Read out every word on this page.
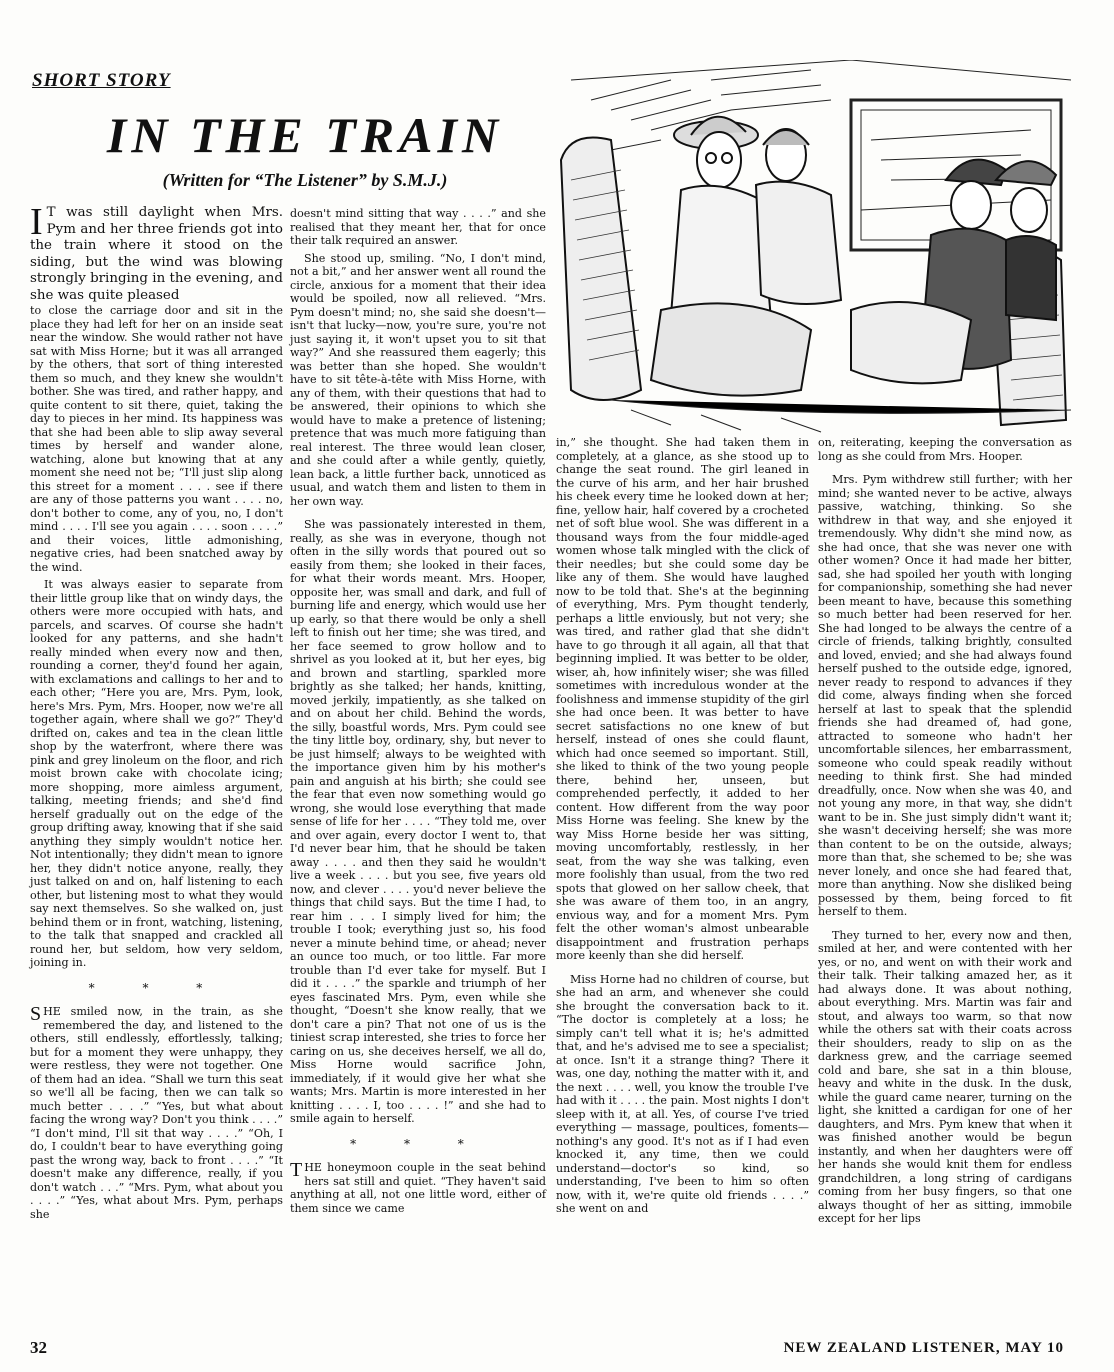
SHORT STORY
IN THE TRAIN
(Written for “The Listener” by S.M.J.)

I T was still daylight when Mrs. Pym and her three friends got into the train where it stood on the siding, but the wind was blowing strongly bringing in the evening, and she was quite pleased

to close the carriage door and sit in the place they had left for her on an inside seat near the window. She would rather not have sat with Miss Horne; but it was all arranged by the others, that sort of thing interested them so much, and they knew she wouldn't bother. She was tired, and rather happy, and quite content to sit there, quiet, taking the day to pieces in her mind. Its happiness was that she had been able to slip away several times by herself and wander alone, watching, alone but knowing that at any moment she need not be; “I'll just slip along this street for a moment . . . . see if there are any of those patterns you want . . . . no, don't bother to come, any of you, no, I don't mind . . . . I'll see you again . . . . soon . . . .” and their voices, little admonishing, negative cries, had been snatched away by the wind.

It was always easier to separate from their little group like that on windy days, the others were more occupied with hats, and parcels, and scarves. Of course she hadn't looked for any patterns, and she hadn't really minded when every now and then, rounding a corner, they'd found her again, with exclamations and callings to her and to each other; “Here you are, Mrs. Pym, look, here's Mrs. Pym, Mrs. Hooper, now we're all together again, where shall we go?” They'd drifted on, cakes and tea in the clean little shop by the waterfront, where there was pink and grey linoleum on the floor, and rich moist brown cake with chocolate icing; more shopping, more aimless argument, talking, meeting friends; and she'd find herself gradually out on the edge of the group drifting away, knowing that if she said anything they simply wouldn't notice her. Not intentionally; they didn't mean to ignore her, they didn't notice anyone, really, they just talked on and on, half listening to each other, but listening most to what they would say next themselves. So she walked on, just behind them or in front, watching, listening, to the talk that snapped and crackled all round her, but seldom, how very seldom, joining in.

* * *

SHE smiled now, in the train, as she remembered the day, and listened to the others, still endlessly, effortlessly, talking; but for a moment they were unhappy, they were restless, they were not together. One of them had an idea. “Shall we turn this seat so we'll all be facing, then we can talk so much better . . . .” “Yes, but what about facing the wrong way? Don't you think . . . .” “I don't mind, I'll sit that way . . . .” “Oh, I do, I couldn't bear to have everything going past the wrong way, back to front . . . .” “It doesn't make any difference, really, if you don't watch . . .” “Mrs. Pym, what about you . . . .” “Yes, what about Mrs. Pym, perhaps she

doesn't mind sitting that way . . . .” and she realised that they meant her, that for once their talk required an answer.

She stood up, smiling. “No, I don't mind, not a bit,” and her answer went all round the circle, anxious for a moment that their idea would be spoiled, now all relieved. “Mrs. Pym doesn't mind; no, she said she doesn't—isn't that lucky—now, you're sure, you're not just saying it, it won't upset you to sit that way?” And she reassured them eagerly; this was better than she hoped. She wouldn't have to sit tête-à-tête with Miss Horne, with any of them, with their questions that had to be answered, their opinions to which she would have to make a pretence of listening; pretence that was much more fatiguing than real interest. The three would lean closer, and she could after a while gently, quietly, lean back, a little further back, unnoticed as usual, and watch them and listen to them in her own way.

She was passionately interested in them, really, as she was in everyone, though not often in the silly words that poured out so easily from them; she looked in their faces, for what their words meant. Mrs. Hooper, opposite her, was small and dark, and full of burning life and energy, which would use her up early, so that there would be only a shell left to finish out her time; she was tired, and her face seemed to grow hollow and to shrivel as you looked at it, but her eyes, big and brown and startling, sparkled more brightly as she talked; her hands, knitting, moved jerkily, impatiently, as she talked on and on about her child. Behind the words, the silly, boastful words, Mrs. Pym could see the tiny little boy, ordinary, shy, but never to be just himself; always to be weighted with the importance given him by his mother's pain and anguish at his birth; she could see the fear that even now something would go wrong, she would lose everything that made sense of life for her . . . . “They told me, over and over again, every doctor I went to, that I'd never bear him, that he should be taken away . . . . and then they said he wouldn't live a week . . . . but you see, five years old now, and clever . . . . you'd never believe the things that child says. But the time I had, to rear him . . . I simply lived for him; the trouble I took; everything just so, his food never a minute behind time, or ahead; never an ounce too much, or too little. Far more trouble than I'd ever take for myself. But I did it . . . .” the sparkle and triumph of her eyes fascinated Mrs. Pym, even while she thought, “Doesn't she know really, that we don't care a pin? That not one of us is the tiniest scrap interested, she tries to force her caring on us, she deceives herself, we all do, Miss Horne would sacrifice John, immediately, if it would give her what she wants; Mrs. Martin is more interested in her knitting . . . . I, too . . . . !” and she had to smile again to herself.

* * *

THE honeymoon couple in the seat behind hers sat still and quiet. “They haven't said anything at all, not one little word, either of them since we came

in,” she thought. She had taken them in completely, at a glance, as she stood up to change the seat round. The girl leaned in the curve of his arm, and her hair brushed his cheek every time he looked down at her; fine, yellow hair, half covered by a crocheted net of soft blue wool. She was different in a thousand ways from the four middle-aged women whose talk mingled with the click of their needles; but she could some day be like any of them. She would have laughed now to be told that. She's at the beginning of everything, Mrs. Pym thought tenderly, perhaps a little enviously, but not very; she was tired, and rather glad that she didn't have to go through it all again, all that that beginning implied. It was better to be older, wiser, ah, how infinitely wiser; she was filled sometimes with incredulous wonder at the foolishness and immense stupidity of the girl she had once been. It was better to have secret satisfactions no one knew of but herself, instead of ones she could flaunt, which had once seemed so important. Still, she liked to think of the two young people there, behind her, unseen, but comprehended perfectly, it added to her content. How different from the way poor Miss Horne was feeling. She knew by the way Miss Horne beside her was sitting, moving uncomfortably, restlessly, in her seat, from the way she was talking, even more foolishly than usual, from the two red spots that glowed on her sallow cheek, that she was aware of them too, in an angry, envious way, and for a moment Mrs. Pym felt the other woman's almost unbearable disappointment and frustration perhaps more keenly than she did herself.

Miss Horne had no children of course, but she had an arm, and whenever she could she brought the conversation back to it. “The doctor is completely at a loss; he simply can't tell what it is; he's admitted that, and he's advised me to see a specialist; at once. Isn't it a strange thing? There it was, one day, nothing the matter with it, and the next . . . . well, you know the trouble I've had with it . . . . the pain. Most nights I don't sleep with it, at all. Yes, of course I've tried everything — massage, poultices, foments—nothing's any good. It's not as if I had even knocked it, any time, then we could understand—doctor's so kind, so understanding, I've been to him so often now, with it, we're quite old friends . . . .” she went on and

on, reiterating, keeping the conversation as long as she could from Mrs. Hooper.

Mrs. Pym withdrew still further; with her mind; she wanted never to be active, always passive, watching, thinking. So she withdrew in that way, and she enjoyed it tremendously. Why didn't she mind now, as she had once, that she was never one with other women? Once it had made her bitter, sad, she had spoiled her youth with longing for companionship, something she had never been meant to have, because this something so much better had been reserved for her. She had longed to be always the centre of a circle of friends, talking brightly, consulted and loved, envied; and she had always found herself pushed to the outside edge, ignored, never ready to respond to advances if they did come, always finding when she forced herself at last to speak that the splendid friends she had dreamed of, had gone, attracted to someone who hadn't her uncomfortable silences, her embarrassment, someone who could speak readily without needing to think first. She had minded dreadfully, once. Now when she was 40, and not young any more, in that way, she didn't want to be in. She just simply didn't want it; she wasn't deceiving herself; she was more than content to be on the outside, always; more than that, she schemed to be; she was never lonely, and once she had feared that, more than anything. Now she disliked being possessed by them, being forced to fit herself to them.

They turned to her, every now and then, smiled at her, and were contented with her yes, or no, and went on with their work and their talk. Their talking amazed her, as it had always done. It was about nothing, about everything. Mrs. Martin was fair and stout, and always too warm, so that now while the others sat with their coats across their shoulders, ready to slip on as the darkness grew, and the carriage seemed cold and bare, she sat in a thin blouse, heavy and white in the dusk. In the dusk, while the guard came nearer, turning on the light, she knitted a cardigan for one of her daughters, and Mrs. Pym knew that when it was finished another would be begun instantly, and when her daughters were off her hands she would knit them for endless grandchildren, a long string of cardigans coming from her busy fingers, so that one always thought of her as sitting, immobile except for her lips

32	NEW ZEALAND LISTENER, MAY 10
